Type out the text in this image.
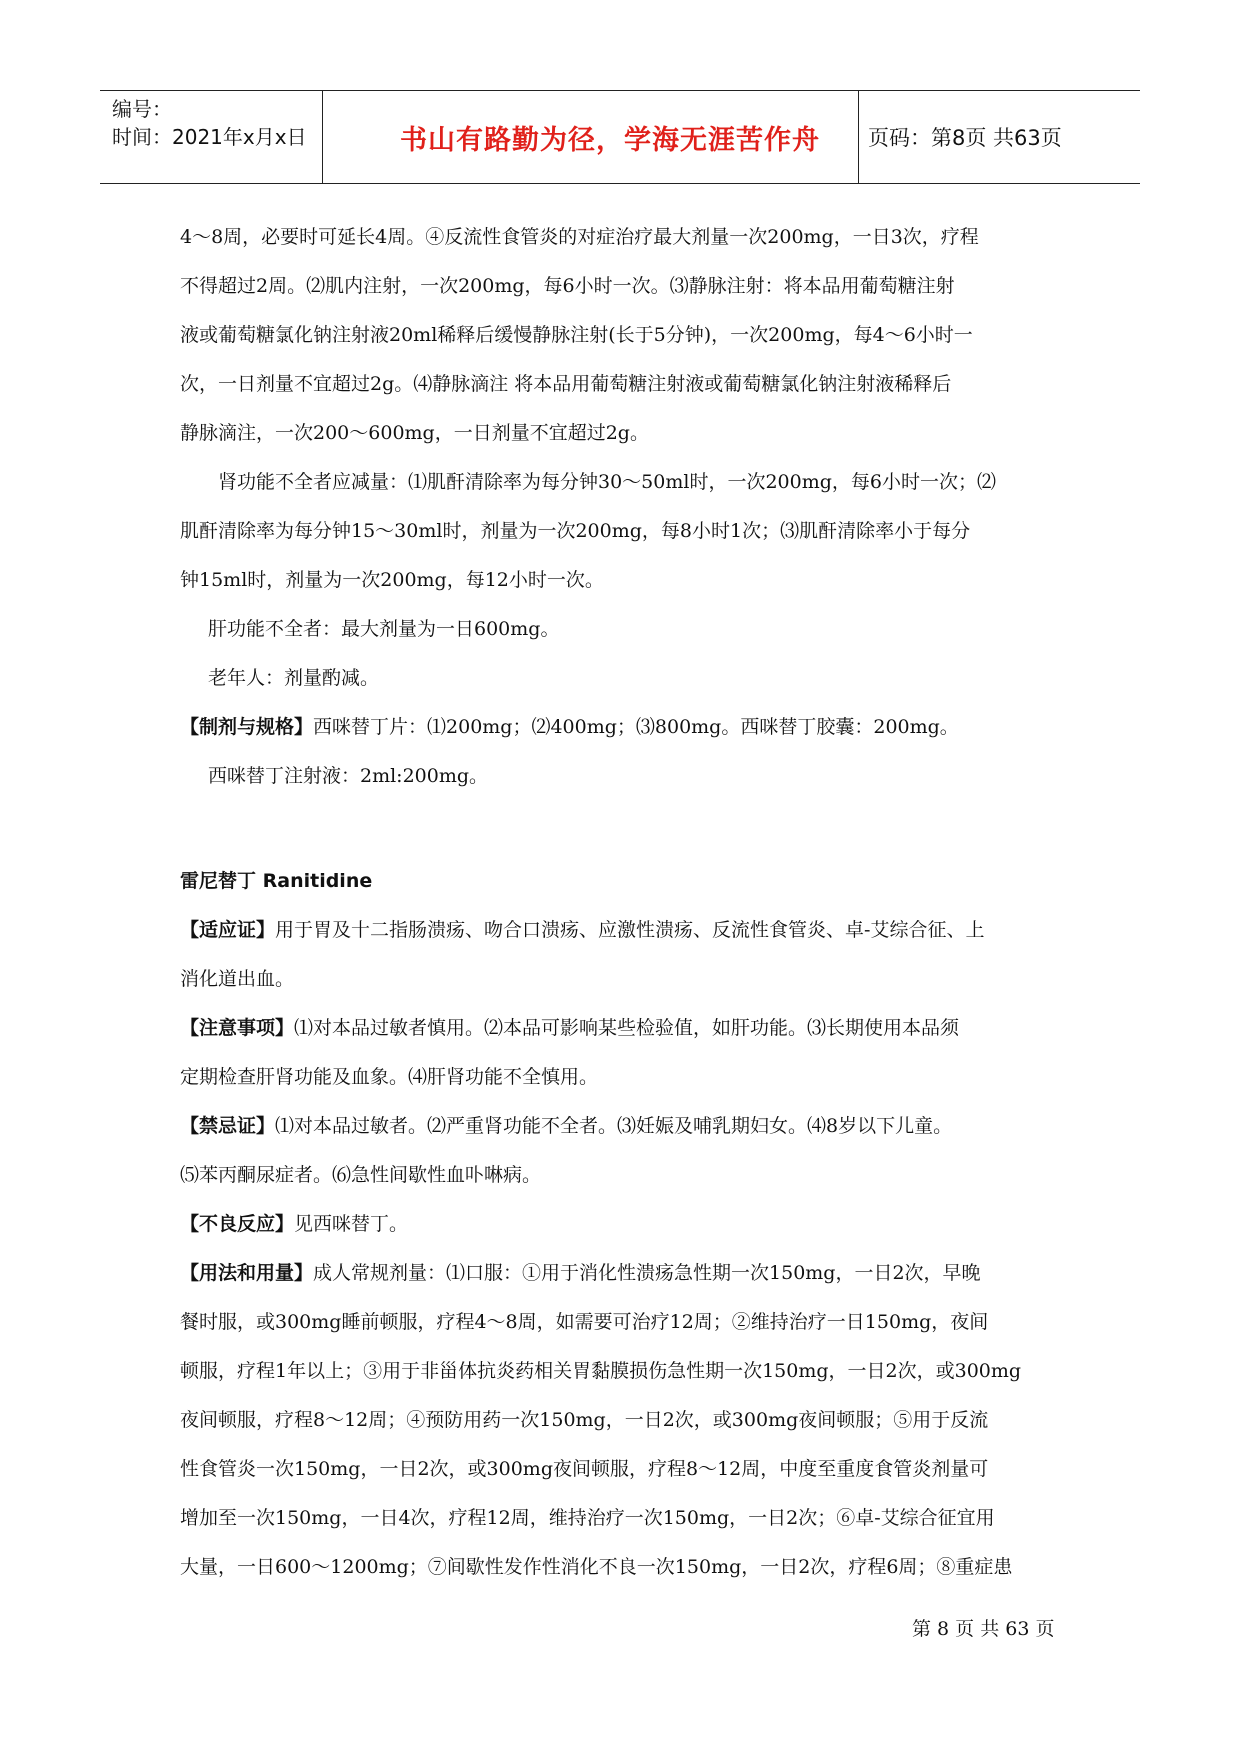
编号：
时间：2021年x月x日	书山有路勤为径，学海无涯苦作舟	页码：第8页 共63页
4～8周，必要时可延长4周。④反流性食管炎的对症治疗最大剂量一次200mg，一日3次，疗程
不得超过2周。⑵肌内注射，一次200mg，每6小时一次。⑶静脉注射：将本品用葡萄糖注射
液或葡萄糖氯化钠注射液20ml稀释后缓慢静脉注射(长于5分钟)，一次200mg，每4～6小时一
次，一日剂量不宜超过2g。⑷静脉滴注 将本品用葡萄糖注射液或葡萄糖氯化钠注射液稀释后
静脉滴注，一次200～600mg，一日剂量不宜超过2g。
肾功能不全者应减量：⑴肌酐清除率为每分钟30～50ml时，一次200mg，每6小时一次；⑵
肌酐清除率为每分钟15～30ml时，剂量为一次200mg，每8小时1次；⑶肌酐清除率小于每分
钟15ml时，剂量为一次200mg，每12小时一次。
肝功能不全者：最大剂量为一日600mg。
老年人：剂量酌减。
【制剂与规格】西咪替丁片：⑴200mg；⑵400mg；⑶800mg。西咪替丁胶囊：200mg。
西咪替丁注射液：2ml:200mg。
雷尼替丁 Ranitidine
【适应证】用于胃及十二指肠溃疡、吻合口溃疡、应激性溃疡、反流性食管炎、卓-艾综合征、上
消化道出血。
【注意事项】⑴对本品过敏者慎用。⑵本品可影响某些检验值，如肝功能。⑶长期使用本品须
定期检查肝肾功能及血象。⑷肝肾功能不全慎用。
【禁忌证】⑴对本品过敏者。⑵严重肾功能不全者。⑶妊娠及哺乳期妇女。⑷8岁以下儿童。
⑸苯丙酮尿症者。⑹急性间歇性血卟啉病。
【不良反应】见西咪替丁。
【用法和用量】成人常规剂量：⑴口服：①用于消化性溃疡急性期一次150mg，一日2次，早晚
餐时服，或300mg睡前顿服，疗程4～8周，如需要可治疗12周；②维持治疗一日150mg，夜间
顿服，疗程1年以上；③用于非甾体抗炎药相关胃黏膜损伤急性期一次150mg，一日2次，或300mg
夜间顿服，疗程8～12周；④预防用药一次150mg，一日2次，或300mg夜间顿服；⑤用于反流
性食管炎一次150mg，一日2次，或300mg夜间顿服，疗程8～12周，中度至重度食管炎剂量可
增加至一次150mg，一日4次，疗程12周，维持治疗一次150mg，一日2次；⑥卓-艾综合征宜用
大量，一日600～1200mg；⑦间歇性发作性消化不良一次150mg，一日2次，疗程6周；⑧重症患
第 8 页 共 63 页
